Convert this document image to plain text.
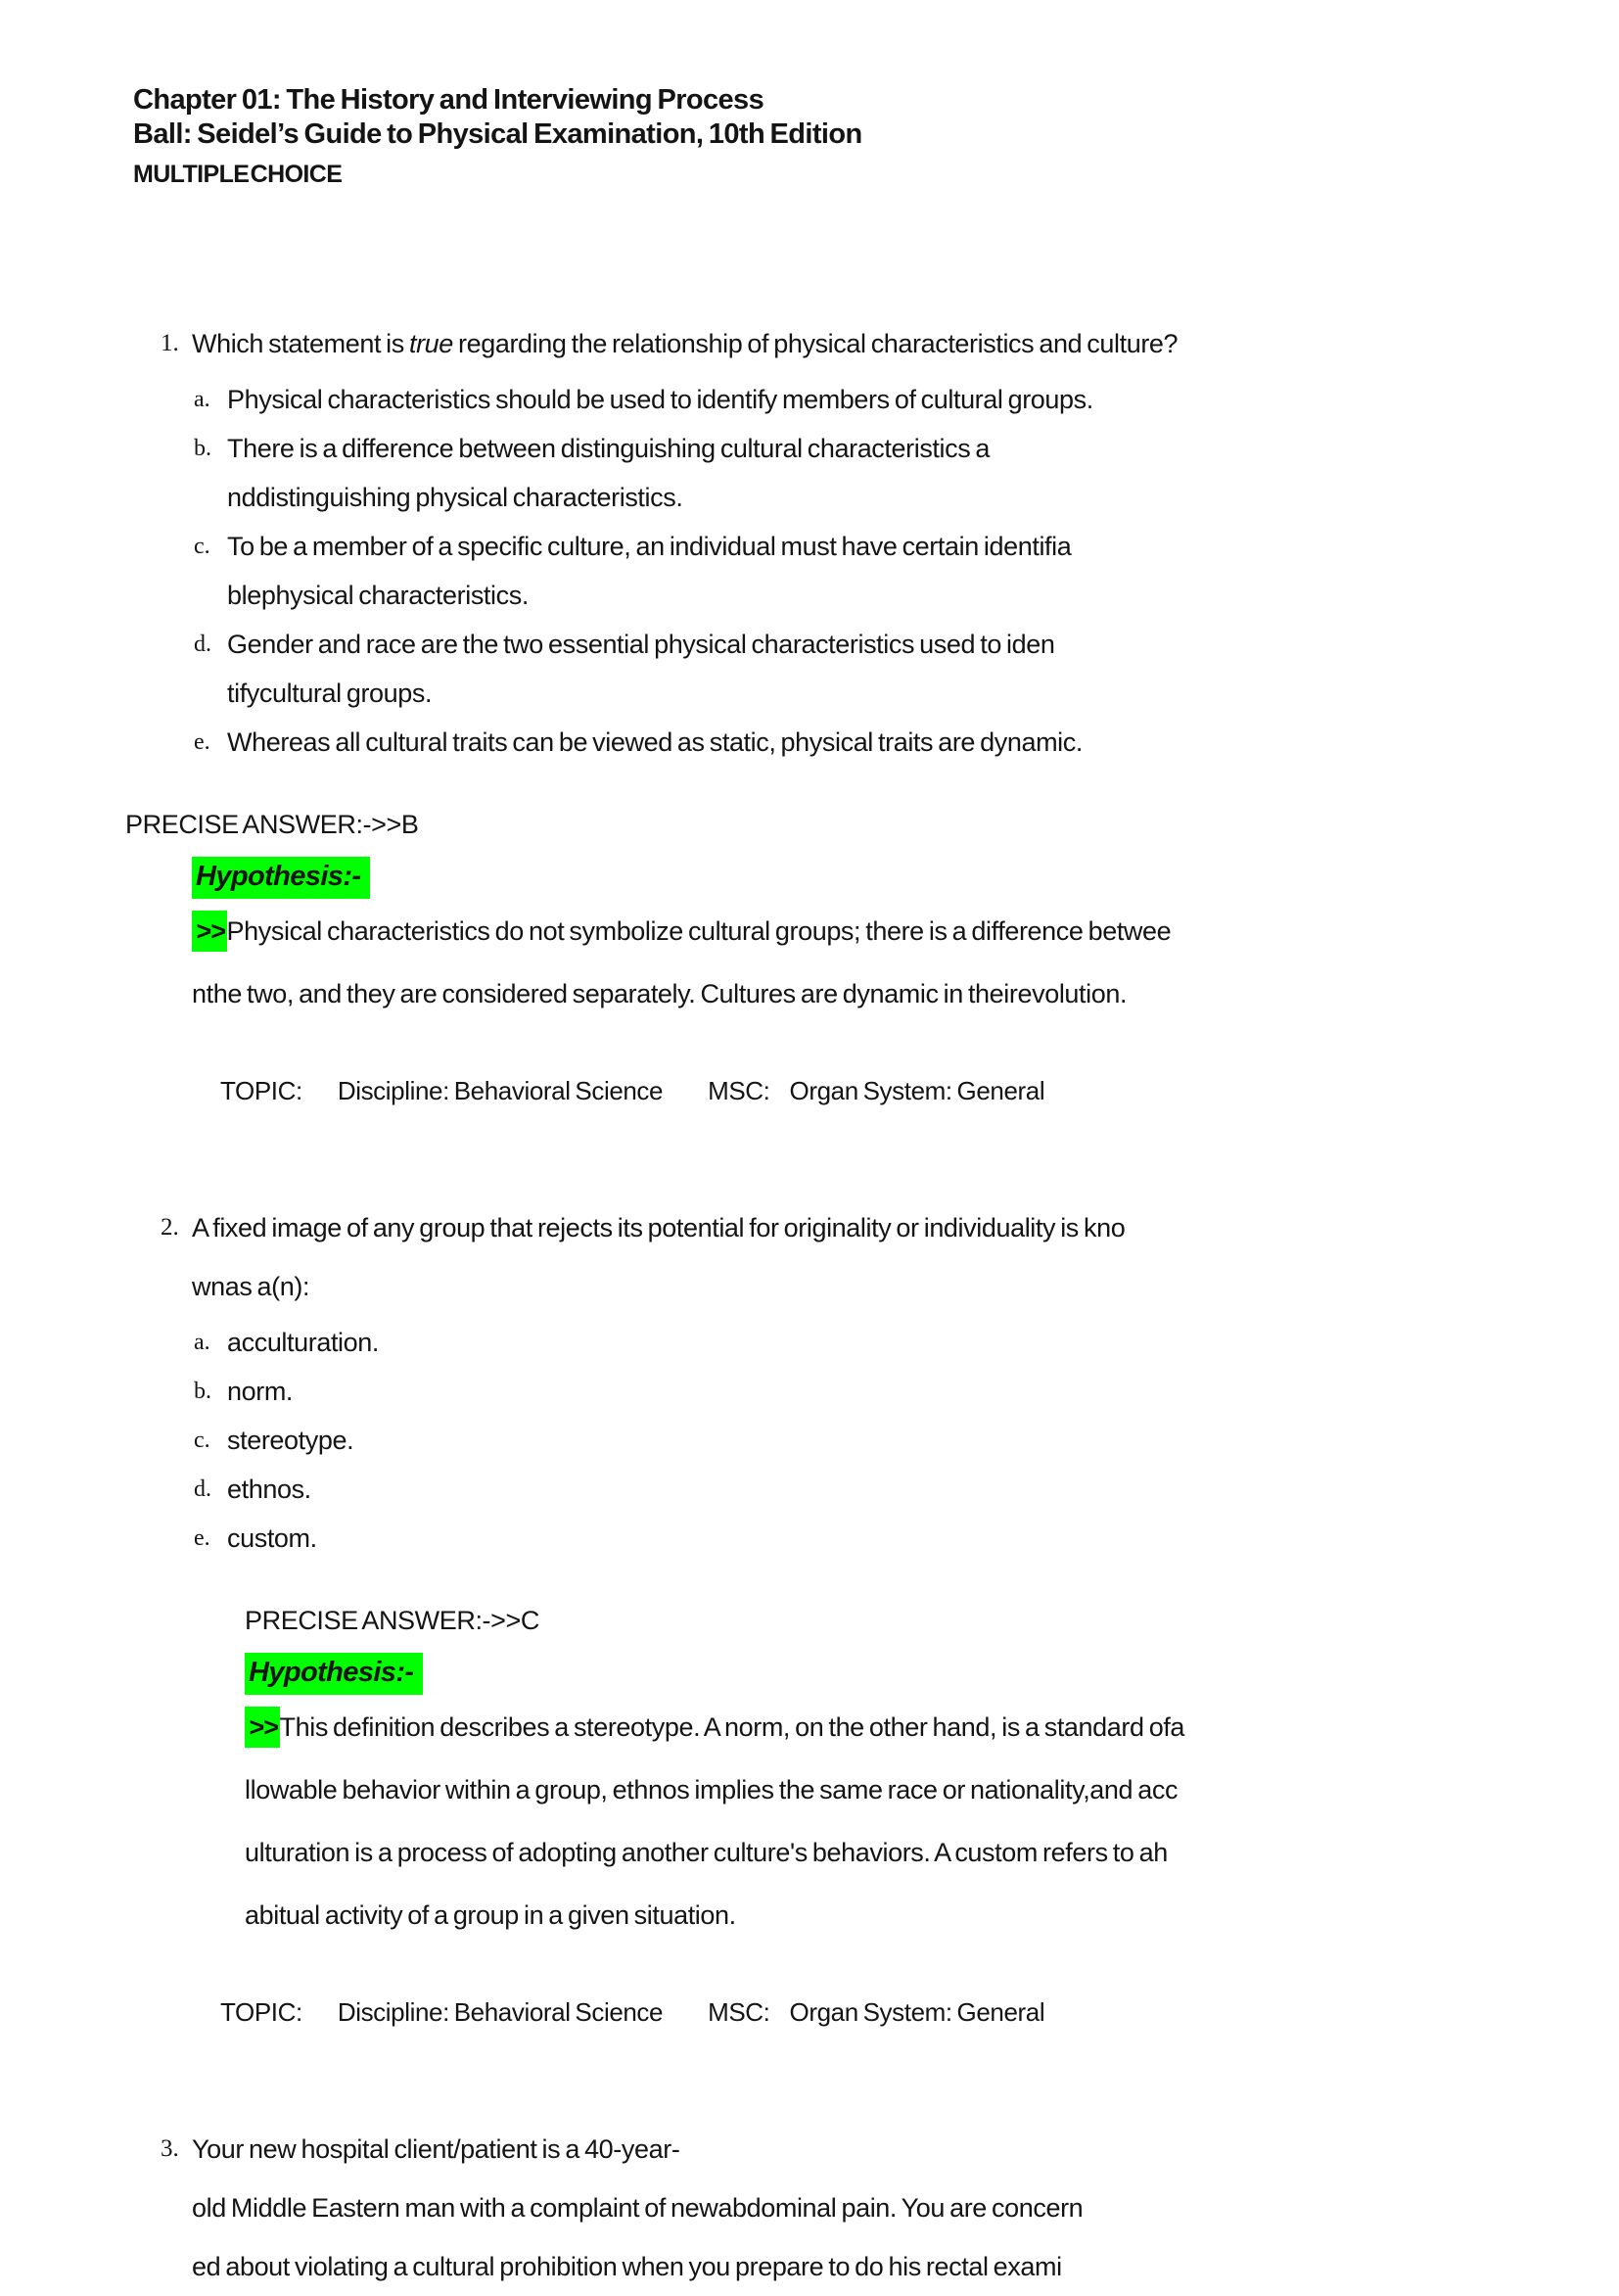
Chapter 01: The History and Interviewing Process
Ball: Seidel’s Guide to Physical Examination, 10th Edition
MULTIPLE CHOICE
1. Which statement is true regarding the relationship of physical characteristics and culture?
a. Physical characteristics should be used to identify members of cultural groups.
b. There is a difference between distinguishing cultural characteristics a
nddistinguishing physical characteristics.
c. To be a member of a specific culture, an individual must have certain identifia
blephysical characteristics.
d. Gender and race are the two essential physical characteristics used to iden
tifycultural groups.
e. Whereas all cultural traits can be viewed as static, physical traits are dynamic.
PRECISE ANSWER:->>B
Hypothesis:-
>>Physical characteristics do not symbolize cultural groups; there is a difference betwee
nthe two, and they are considered separately. Cultures are dynamic in theirevolution.
TOPIC: Discipline: Behavioral Science MSC: Organ System: General
2. A fixed image of any group that rejects its potential for originality or individuality is kno
wnas a(n):
a. acculturation.
b. norm.
c. stereotype.
d. ethnos.
e. custom.
PRECISE ANSWER:->>C
Hypothesis:-
>>This definition describes a stereotype. A norm, on the other hand, is a standard ofa
llowable behavior within a group, ethnos implies the same race or nationality,and acc
ulturation is a process of adopting another culture's behaviors. A custom refers to ah
abitual activity of a group in a given situation.
TOPIC: Discipline: Behavioral Science MSC: Organ System: General
3. Your new hospital client/patient is a 40-year-
old Middle Eastern man with a complaint of newabdominal pain. You are concern
ed about violating a cultural prohibition when you prepare to do his rectal exami
